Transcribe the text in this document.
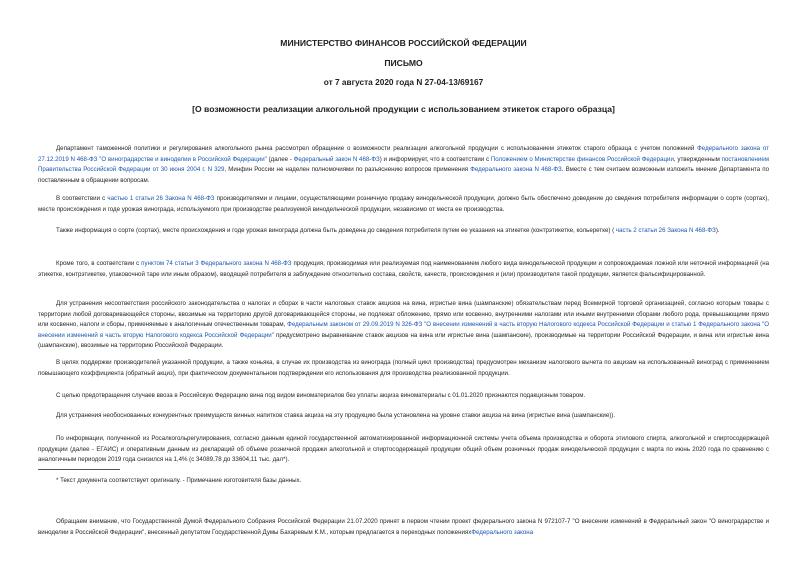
МИНИСТЕРСТВО ФИНАНСОВ РОССИЙСКОЙ ФЕДЕРАЦИИ
ПИСЬМО
от 7 августа 2020 года N 27-04-13/69167
[О возможности реализации алкогольной продукции с использованием этикеток старого образца]

Департамент таможенной политики и регулирования алкогольного рынка рассмотрел обращение о возможности реализации алкогольной продукции с использованием этикеток старого образца с учетом положений Федерального закона от 27.12.2019 N 468-ФЗ "О виноградарстве и виноделии в Российской Федерации" (далее - Федеральный закон N 468-ФЗ) и информирует, что в соответствии с Положением о Министерстве финансов Российской Федерации, утвержденным постановлением Правительства Российской Федерации от 30 июня 2004 г. N 329, Минфин России не наделен полномочиями по разъяснению вопросов применения Федерального закона N 468-ФЗ. Вместе с тем считаем возможным изложить мнение Департамента по поставленным в обращении вопросам.

В соответствии с частью 1 статьи 26 Закона N 468-ФЗ производителями и лицами, осуществляющими розничную продажу винодельческой продукции, должно быть обеспечено доведение до сведения потребителя информации о сорте (сортах), месте происхождения и годе урожая винограда, используемого при производстве реализуемой винодельческой продукции, независимо от места ее производства.

Также информация о сорте (сортах), месте происхождения и годе урожая винограда должна быть доведена до сведения потребителя путем ее указания на этикетке (контрэтикетке, кольеретке) ( часть 2 статьи 26 Закона N 468-ФЗ).

Кроме того, в соответствии с пунктом 74 статьи 3 Федерального закона N 468-ФЗ продукция, производимая или реализуемая под наименованием любого вида винодельческой продукции и сопровождаемая ложной или неточной информацией (на этикетке, контрэтикетке, упаковочной таре или иным образом), вводящей потребителя в заблуждение относительно состава, свойств, качеств, происхождения и (или) производителя такой продукции, является фальсифицированной.

Для устранения несоответствия российского законодательства о налогах и сборах в части налоговых ставок акцизов на вина, игристые вина (шампанские) обязательствам перед Всемирной торговой организацией, согласно которым товары с территории любой договаривающейся стороны, ввозимые на территорию другой договаривающейся стороны, не подлежат обложению, прямо или косвенно, внутренними налогами или иными внутренними сборами любого рода, превышающими прямо или косвенно, налоги и сборы, применяемые к аналогичным отечественным товарам, Федеральным законом от 29.09.2019 N 326-ФЗ "О внесении изменений в часть вторую Налогового кодекса Российской Федерации и статью 1 Федерального закона "О внесении изменений в часть вторую Налогового кодекса Российской Федерации" предусмотрено выравнивание ставок акцизов на вина или игристые вина (шампанские), производимые на территории Российской Федерации, и вина или игристые вина (шампанские), ввозимые на территорию Российской Федерации.

В целях поддержки производителей указанной продукции, а также коньяка, в случае их производства из винограда (полный цикл производства) предусмотрен механизм налогового вычета по акцизам на использованный виноград с применением повышающего коэффициента (обратный акциз), при фактическом документальном подтверждении его использования для производства реализованной продукции.

С целью предотвращения случаев ввоза в Российскую Федерацию вина под видом виноматериалов без уплаты акциза виноматериалы с 01.01.2020 признаются подакцизным товаром.

Для устранения необоснованных конкурентных преимуществ винных напитков ставка акциза на эту продукцию была установлена на уровне ставки акциза на вина (игристые вина (шампанские)).

По информации, полученной из Росалкогольрегулирования, согласно данным единой государственной автоматизированной информационной системы учета объема производства и оборота этилового спирта, алкогольной и спиртосодержащей продукции (далее - ЕГАИС) и оперативным данным из деклараций об объеме розничной продажи алкогольной и спиртосодержащей продукции общий объем розничных продаж винодельческой продукции с марта по июнь 2020 года по сравнению с аналогичным периодом 2019 года снизился на 1,4% (с 34089,78 до 33604,11 тыс. дал*).

* Текст документа соответствует оригиналу. - Примечание изготовителя базы данных.

Обращаем внимание, что Государственной Думой Федерального Собрания Российской Федерации 21.07.2020 принят в первом чтении проект федерального закона N 972107-7 "О внесении изменений в Федеральный закон "О виноградарстве и виноделии в Российской Федерации", внесенный депутатом Государственной Думы Бахаревым К.М., которым предлагается в переходных положенияхФедерального закона
